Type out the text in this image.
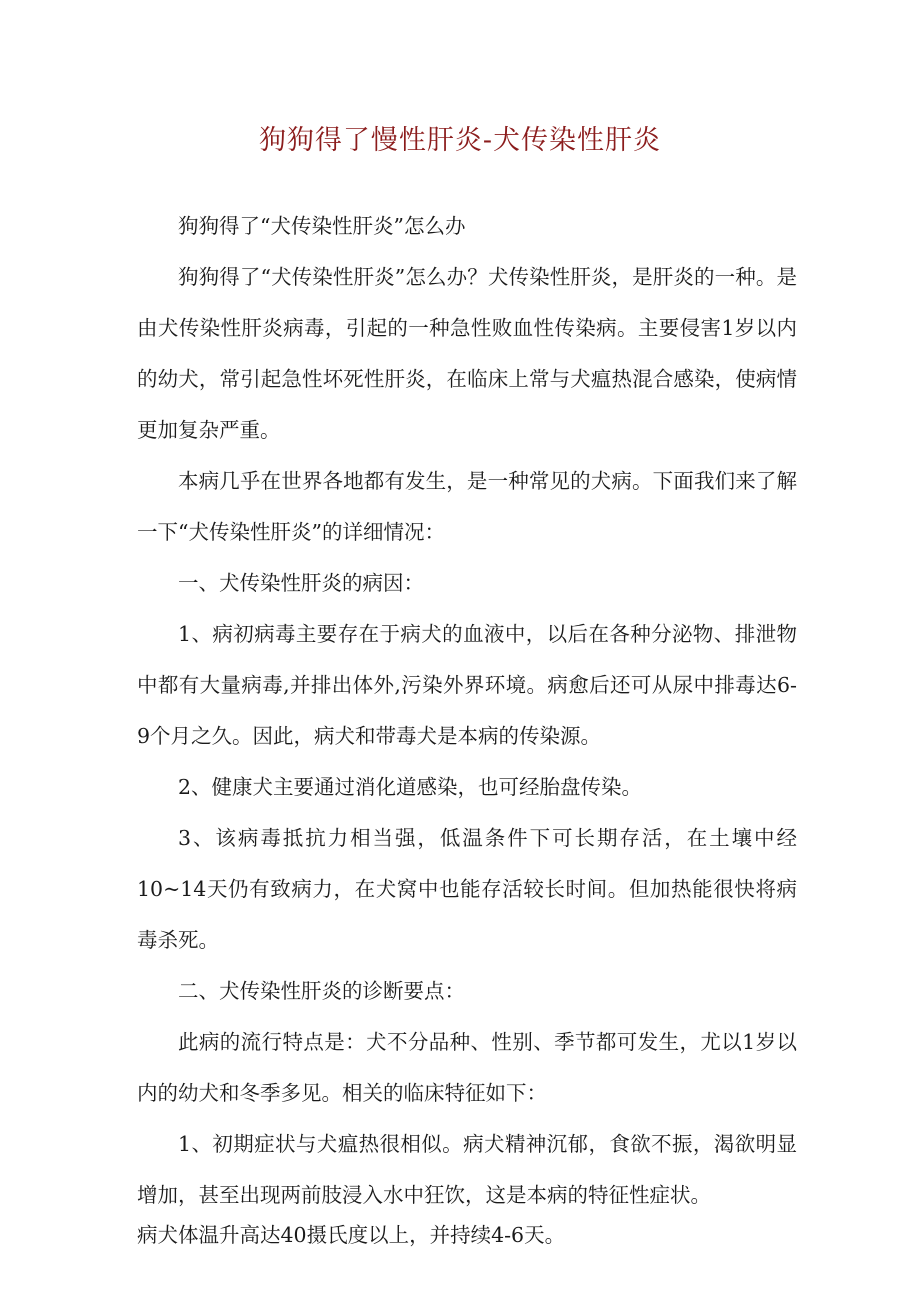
狗狗得了慢性肝炎-犬传染性肝炎

狗狗得了“犬传染性肝炎”怎么办

狗狗得了“犬传染性肝炎”怎么办？犬传染性肝炎，是肝炎的一种。是由犬传染性肝炎病毒，引起的一种急性败血性传染病。主要侵害1岁以内的幼犬，常引起急性坏死性肝炎，在临床上常与犬瘟热混合感染，使病情更加复杂严重。

本病几乎在世界各地都有发生，是一种常见的犬病。下面我们来了解一下“犬传染性肝炎”的详细情况：

一、犬传染性肝炎的病因：

1、病初病毒主要存在于病犬的血液中，以后在各种分泌物、排泄物中都有大量病毒,并排出体外,污染外界环境。病愈后还可从尿中排毒达6-9个月之久。因此，病犬和带毒犬是本病的传染源。

2、健康犬主要通过消化道感染，也可经胎盘传染。

3、该病毒抵抗力相当强，低温条件下可长期存活，在土壤中经10~14天仍有致病力，在犬窝中也能存活较长时间。但加热能很快将病毒杀死。

二、犬传染性肝炎的诊断要点：

此病的流行特点是：犬不分品种、性别、季节都可发生，尤以1岁以内的幼犬和冬季多见。相关的临床特征如下：

1、初期症状与犬瘟热很相似。病犬精神沉郁，食欲不振，渴欲明显增加，甚至出现两前肢浸入水中狂饮，这是本病的特征性症状。

病犬体温升高达40摄氏度以上，并持续4-6天。
